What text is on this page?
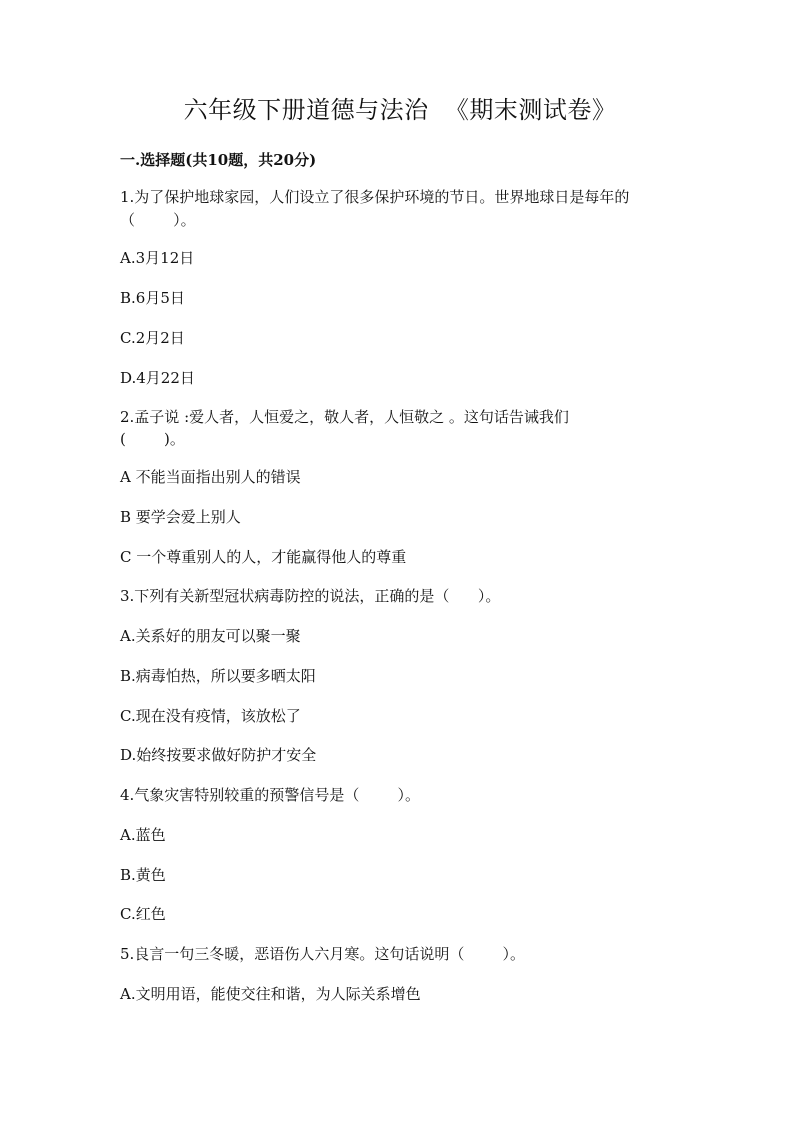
六年级下册道德与法治  《期末测试卷》
一.选择题(共10题，共20分)
1.为了保护地球家园，人们设立了很多保护环境的节日。世界地球日是每年的
（        ）。
A.3月12日
B.6月5日
C.2月2日
D.4月22日
2.孟子说 :爱人者，人恒爱之，敬人者，人恒敬之 。这句话告诫我们
(        )。
A 不能当面指出别人的错误
B 要学会爱上别人
C 一个尊重别人的人，才能赢得他人的尊重
3.下列有关新型冠状病毒防控的说法，正确的是（      ）。
A.关系好的朋友可以聚一聚
B.病毒怕热，所以要多晒太阳
C.现在没有疫情，该放松了
D.始终按要求做好防护才安全
4.气象灾害特别较重的预警信号是（        ）。
A.蓝色
B.黄色
C.红色
5.良言一句三冬暖，恶语伤人六月寒。这句话说明（        ）。
A.文明用语，能使交往和谐，为人际关系增色
